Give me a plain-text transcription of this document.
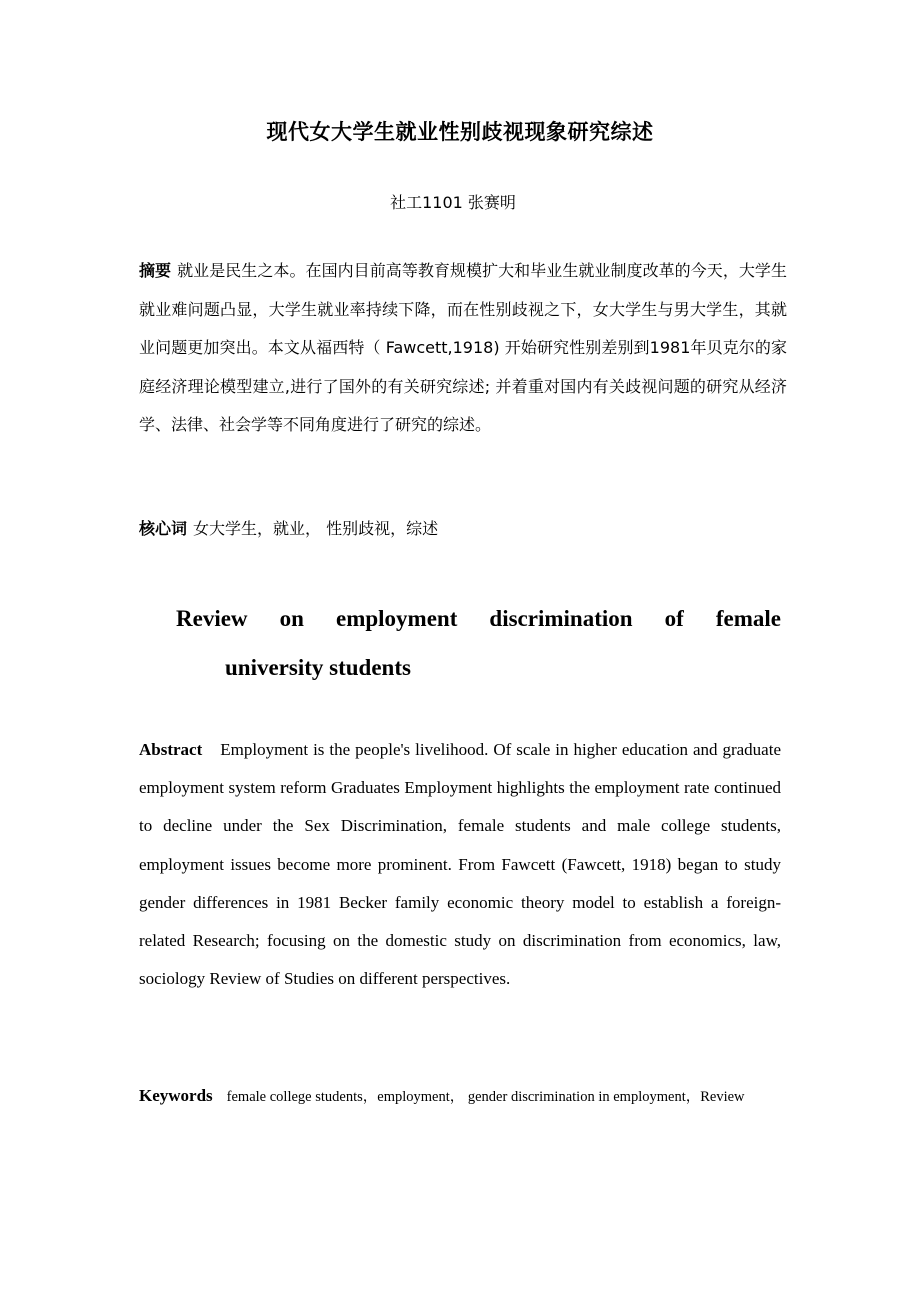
现代女大学生就业性别歧视现象研究综述
社工1101 张赛明
摘要 就业是民生之本。在国内目前高等教育规模扩大和毕业生就业制度改革的今天，大学生就业难问题凸显，大学生就业率持续下降，而在性别歧视之下，女大学生与男大学生，其就业问题更加突出。本文从福西特（ Fawcett,1918) 开始研究性别差别到1981年贝克尔的家庭经济理论模型建立,进行了国外的有关研究综述; 并着重对国内有关歧视问题的研究从经济学、法律、社会学等不同角度进行了研究的综述。
核心词 女大学生，就业， 性别歧视，综述
Review on employment discrimination of female
university students
Abstract Employment is the people's livelihood. Of scale in higher education and graduate employment system reform Graduates Employment highlights the employment rate continued to decline under the Sex Discrimination, female students and male college students, employment issues become more prominent. From Fawcett (Fawcett, 1918) began to study gender differences in 1981 Becker family economic theory model to establish a foreign-related Research; focusing on the domestic study on discrimination from economics, law, sociology Review of Studies on different perspectives.
Keywords female college students，employment， gender discrimination in employment，Review
